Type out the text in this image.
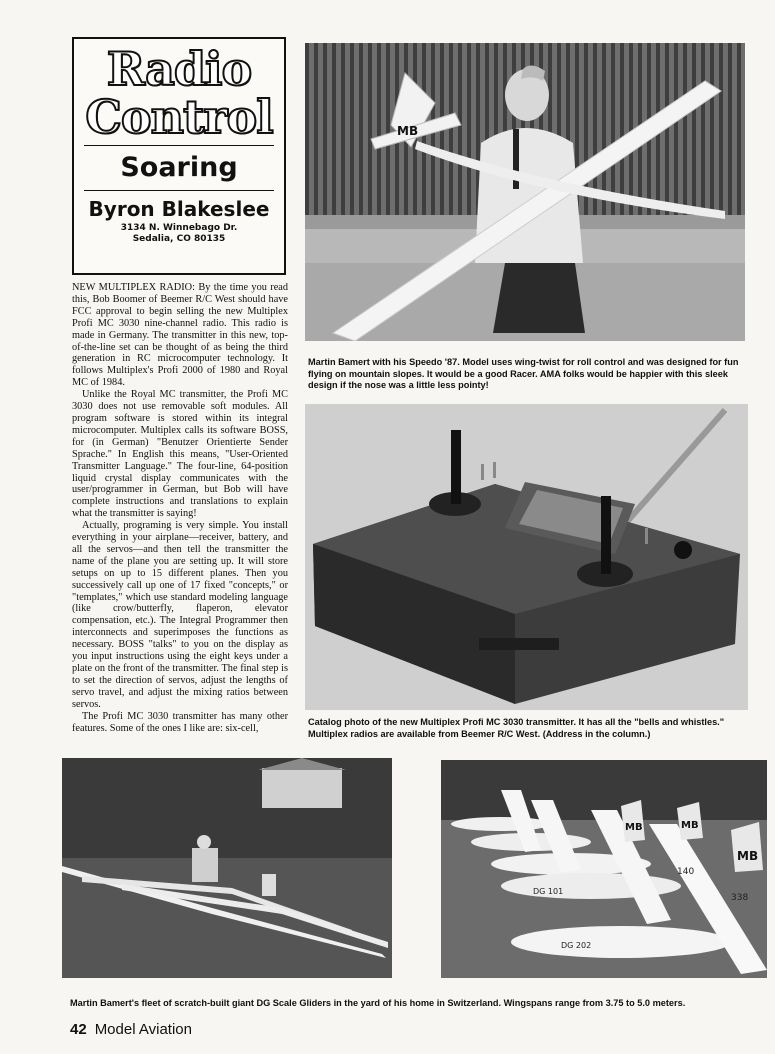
Radio
Control
Soaring
Byron Blakeslee
3134 N. Winnebago Dr.
Sedalia, CO 80135

NEW MULTIPLEX RADIO: By the time you read this, Bob Boomer of Beemer R/C West should have FCC approval to begin selling the new Multiplex Profi MC 3030 nine-channel radio. This radio is made in Germany. The transmitter in this new, top-of-the-line set can be thought of as being the third generation in RC microcomputer technology. It follows Multiplex's Profi 2000 of 1980 and Royal MC of 1984.

Unlike the Royal MC transmitter, the Profi MC 3030 does not use removable soft modules. All program software is stored within its integral microcomputer. Multiplex calls its software BOSS, for (in German) "Benutzer Orientierte Sender Sprache." In English this means, "User-Oriented Transmitter Language." The four-line, 64-position liquid crystal display communicates with the user/programmer in German, but Bob will have complete instructions and translations to explain what the transmitter is saying!

Actually, programing is very simple. You install everything in your airplane—receiver, battery, and all the servos—and then tell the transmitter the name of the plane you are setting up. It will store setups on up to 15 different planes. Then you successively call up one of 17 fixed "concepts," or "templates," which use standard modeling language (like crow/butterfly, flaperon, elevator compensation, etc.). The Integral Programmer then interconnects and superimposes the functions as necessary. BOSS "talks" to you on the display as you input instructions using the eight keys under a plate on the front of the transmitter. The final step is to set the direction of servos, adjust the lengths of servo travel, and adjust the mixing ratios between servos.

The Profi MC 3030 transmitter has many other features. Some of the ones I like are: six-cell,

MB
Martin Bamert with his Speedo '87. Model uses wing-twist for roll control and was designed for fun flying on mountain slopes. It would be a good Racer. AMA folks would be happier with this sleek design if the nose was a little less pointy!
Catalog photo of the new Multiplex Profi MC 3030 transmitter. It has all the "bells and whistles." Multiplex radios are available from Beemer R/C West. (Address in the column.)
MB	MB
MB
DG 101
DG 202
140
338
Martin Bamert's fleet of scratch-built giant DG Scale Gliders in the yard of his home in Switzerland. Wingspans range from 3.75 to 5.0 meters.
42 Model Aviation
